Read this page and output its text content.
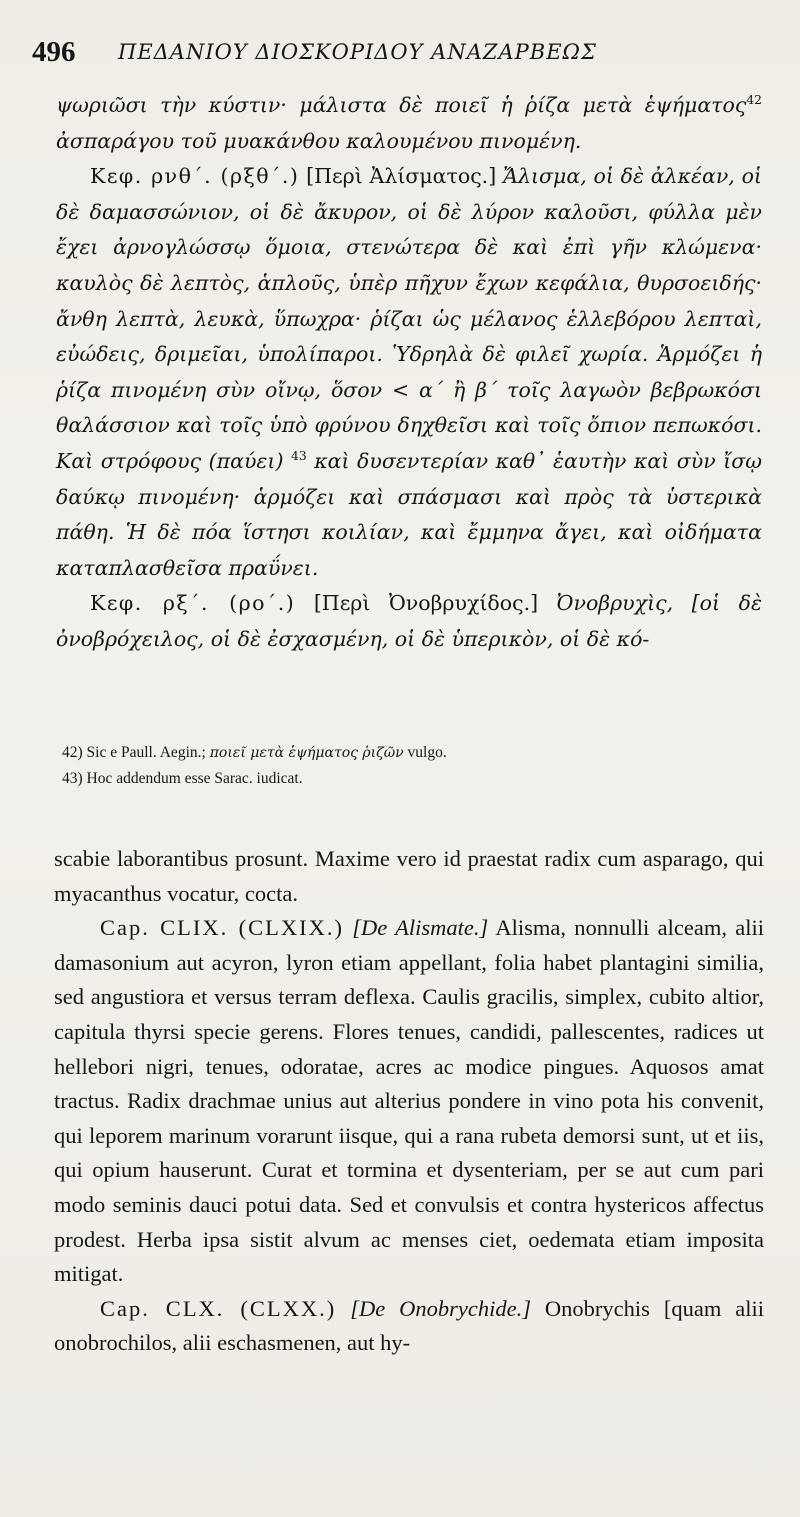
496 ΠΕΔΑΝΙΟΥ ΔΙΟΣΚΟΡΙΔΟΥ ΑΝΑΖΑΡΒΕΩΣ

ψωριῶσι τὴν κύστιν· μάλιστα δὲ ποιεῖ ἡ ῥίζα μετὰ ἑψήματος$^{42}$ ἀσπαράγου τοῦ μυακάνθου καλουμένου πινομένη.

Κεφ. ρνθ΄. (ρξθ΄.) [Περὶ Ἀλίσματος.] Ἄλισμα, οἱ δὲ ἀλκέαν, οἱ δὲ δαμασσώνιον, οἱ δὲ ἄκυρον, οἱ δὲ λύρον καλοῦσι, φύλλα μὲν ἔχει ἀρνογλώσσῳ ὅμοια, στενώτερα δὲ καὶ ἐπὶ γῆν κλώμενα· καυλὸς δὲ λεπτὸς, ἁπλοῦς, ὑπὲρ πῆχυν ἔχων κεφάλια, θυρσοειδής· ἄνθη λεπτὰ, λευκὰ, ὕπωχρα· ῥίζαι ὡς μέλανος ἑλλεβόρου λεπταὶ, εὐώδεις, δριμεῖαι, ὑπολίπαροι. Ὑδρηλὰ δὲ φιλεῖ χωρία. Ἁρμόζει ἡ ῥίζα πινομένη σὺν οἴνῳ, ὅσον < α΄ ἢ β΄ τοῖς λαγωὸν βεβρωκόσι θαλάσσιον καὶ τοῖς ὑπὸ φρύνου δηχθεῖσι καὶ τοῖς ὄπιον πεπωκόσι. Καὶ στρόφους (παύει) $^{43}$ καὶ δυσεντερίαν καθ᾽ ἑαυτὴν καὶ σὺν ἴσῳ δαύκῳ πινομένη· ἁρμόζει καὶ σπάσμασι καὶ πρὸς τὰ ὑστερικὰ πάθη. Ἡ δὲ πόα ἵστησι κοιλίαν, καὶ ἔμμηνα ἄγει, καὶ οἰδήματα καταπλασθεῖσα πραΰνει.

Κεφ. ρξ΄. (ρο΄.) [Περὶ Ὀνοβρυχίδος.] Ὀνοβρυχὶς, [οἱ δὲ ὀνοβρόχειλος, οἱ δὲ ἐσχασμένη, οἱ δὲ ὑπερικὸν, οἱ δὲ κό-

42) Sic e Paull. Aegin.; ποιεῖ μετὰ ἑψήματος ῥιζῶν vulgo.
43) Hoc addendum esse Sarac. iudicat.

scabie laborantibus prosunt. Maxime vero id praestat radix cum asparago, qui myacanthus vocatur, cocta.

Cap. CLIX. (CLXIX.) [De Alismate.] Alisma, nonnulli alceam, alii damasonium aut acyron, lyron etiam appellant, folia habet plantagini similia, sed angustiora et versus terram deflexa. Caulis gracilis, simplex, cubito altior, capitula thyrsi specie gerens. Flores tenues, candidi, pallescentes, radices ut hellebori nigri, tenues, odoratae, acres ac modice pingues. Aquosos amat tractus. Radix drachmae unius aut alterius pondere in vino pota his convenit, qui leporem marinum vorarunt iisque, qui a rana rubeta demorsi sunt, ut et iis, qui opium hauserunt. Curat et tormina et dysenteriam, per se aut cum pari modo seminis dauci potui data. Sed et convulsis et contra hystericos affectus prodest. Herba ipsa sistit alvum ac menses ciet, oedemata etiam imposita mitigat.

Cap. CLX. (CLXX.) [De Onobrychide.] Onobrychis [quam alii onobrochilos, alii eschasmenen, aut hy-
